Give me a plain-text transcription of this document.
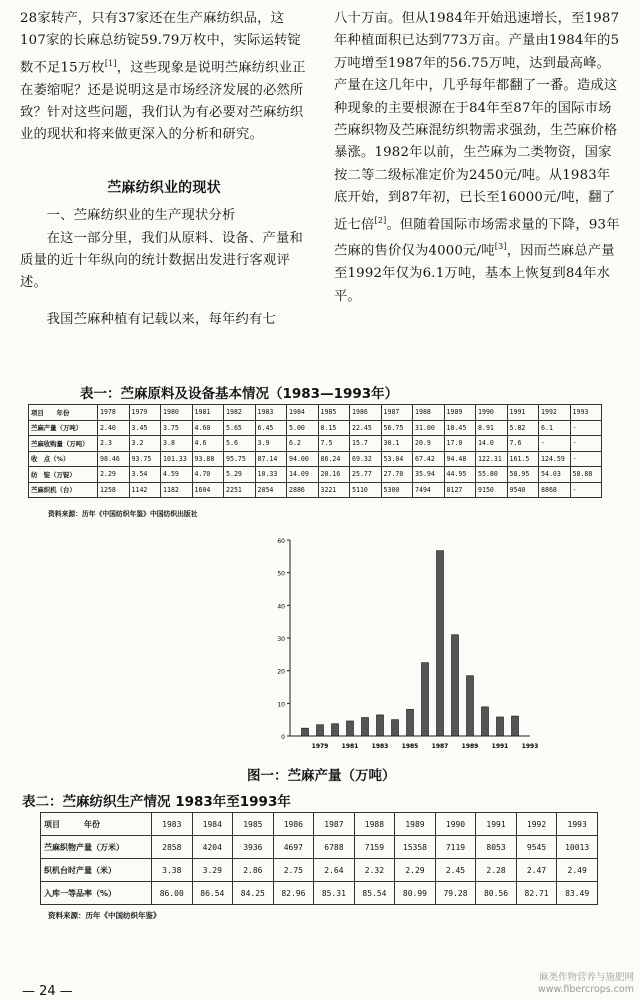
28家转产，只有37家还在生产麻纺织品，这107家的长麻总纺锭59.79万枚中，实际运转锭数不足15万枚[1]，这些现象是说明苎麻纺织业正在萎缩呢？还是说明这是市场经济发展的必然所致？针对这些问题，我们认为有必要对苎麻纺织业的现状和将来做更深入的分析和研究。

苎麻纺织业的现状

一、苎麻纺织业的生产现状分析

在这一部分里，我们从原料、设备、产量和质量的近十年纵向的统计数据出发进行客观评述。

我国苎麻种植有记载以来，每年约有七

八十万亩。但从1984年开始迅速增长，至1987年种植面积已达到773万亩。产量由1984年的5万吨增至1987年的56.75万吨，达到最高峰。产量在这几年中，几乎每年都翻了一番。造成这种现象的主要根源在于84年至87年的国际市场苎麻织物及苎麻混纺织物需求强劲，生苎麻价格暴涨。1982年以前，生苎麻为二类物资，国家按二等二级标准定价为2450元/吨。从1983年底开始，到87年初，已长至16000元/吨，翻了近七倍[2]。但随着国际市场需求量的下降，93年苎麻的售价仅为4000元/吨[3]，因而苎麻总产量至1992年仅为6.1万吨，基本上恢复到84年水平。

表一：苎麻原料及设备基本情况（1983—1993年）
项目　　年份	1978	1979	1980	1981	1982	1983	1984	1985	1986	1987	1988	1989	1990	1991	1992	1993
苎麻产量（万吨）	2.40	3.45	3.75	4.60	5.65	6.45	5.00	8.15	22.45	56.75	31.00	18.45	8.91	5.82	6.1	-
苎麻收购量（万吨）	2.3	3.2	3.8	4.6	5.6	3.9	6.2	7.5	15.7	30.1	20.9	17.0	14.0	7.6	-	-
收　点（%）	98.46	93.75	101.33	93.88	95.75	87.14	94.00	86.24	69.32	53.04	67.42	94.48	122.31	161.5	124.59	-
纺　锭（万锭）	2.29	3.54	4.59	4.70	5.29	10.33	14.09	20.16	25.77	27.70	35.94	44.95	55.80	58.95	54.03	58.88
苎麻织机（台）	1258	1142	1182	1604	2251	2854	2886	3221	5110	5300	7494	8127	9150	9540	8868	-
资料来源：历年《中国纺织年鉴》中国纺织出版社
0
10
20
30
40
50
60
1979 1981 1983 1985 1987 1989 1991 1993
图一：苎麻产量（万吨）
表二：苎麻纺织生产情况 1983年至1993年
项目　　　年份	1983	1984	1985	1986	1987	1988	1989	1990	1991	1992	1993
苎麻织物产量（万米）	2858	4204	3936	4697	6788	7159	15358	7119	8053	9545	10013
织机台时产量（米）	3.38	3.29	2.86	2.75	2.64	2.32	2.29	2.45	2.28	2.47	2.49
入库一等品率（%）	86.00	86.54	84.25	82.96	85.31	85.54	80.99	79.28	80.56	82.71	83.49
资料来源：历年《中国纺织年鉴》
— 24 —
麻类作物营养与施肥网
www.fibercrops.com
